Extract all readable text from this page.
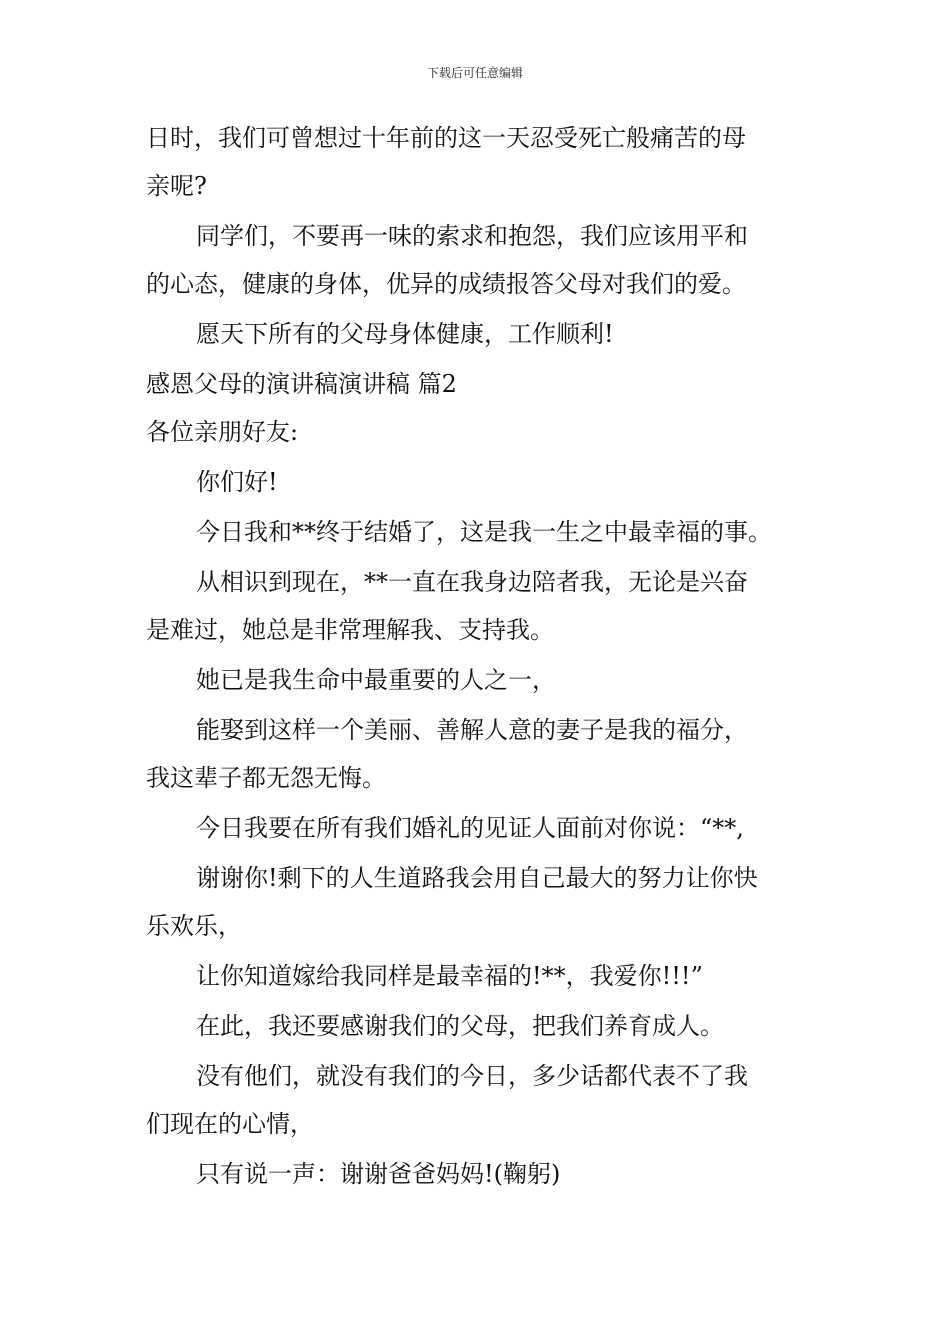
下载后可任意编辑
日时，我们可曾想过十年前的这一天忍受死亡般痛苦的母
亲呢?
同学们，不要再一味的索求和抱怨，我们应该用平和
的心态，健康的身体，优异的成绩报答父母对我们的爱。
愿天下所有的父母身体健康，工作顺利!
感恩父母的演讲稿演讲稿 篇2
各位亲朋好友:
你们好!
今日我和**终于结婚了，这是我一生之中最幸福的事。
从相识到现在，**一直在我身边陪者我，无论是兴奋
是难过，她总是非常理解我、支持我。
她已是我生命中最重要的人之一，
能娶到这样一个美丽、善解人意的妻子是我的福分，
我这辈子都无怨无悔。
今日我要在所有我们婚礼的见证人面前对你说：“**,
谢谢你!剩下的人生道路我会用自己最大的努力让你快
乐欢乐，
让你知道嫁给我同样是最幸福的!**，我爱你!!!”
在此，我还要感谢我们的父母，把我们养育成人。
没有他们，就没有我们的今日，多少话都代表不了我
们现在的心情，
只有说一声：谢谢爸爸妈妈!(鞠躬)
